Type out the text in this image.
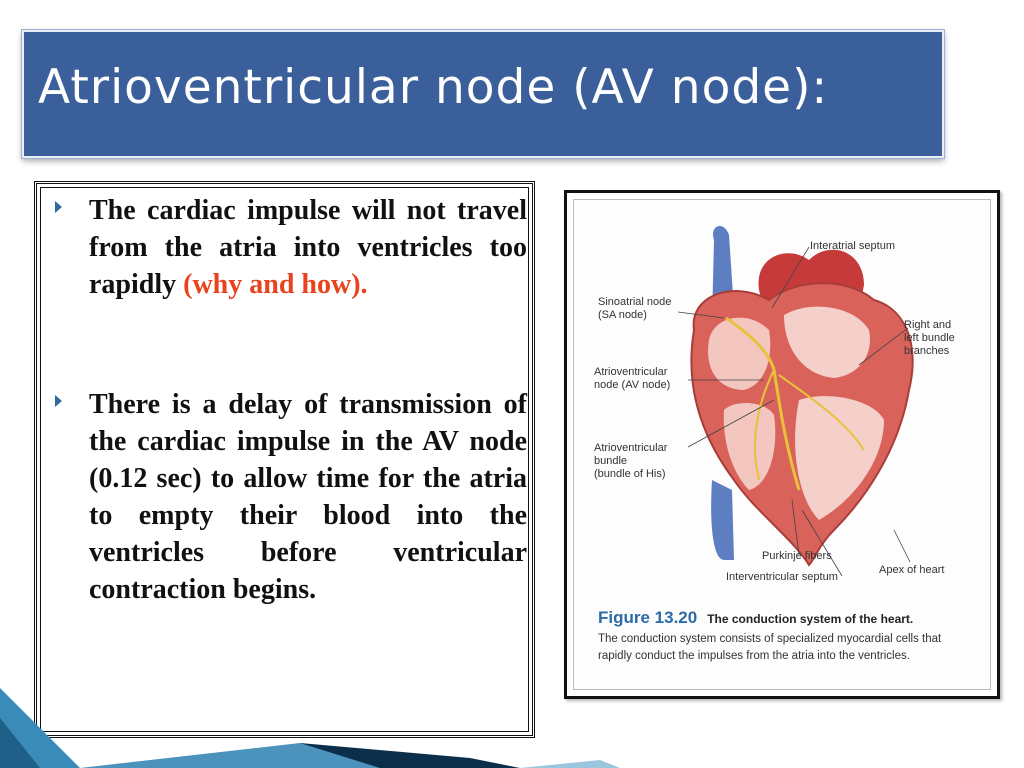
Atrioventricular node (AV node):
The cardiac impulse will not travel from the atria into ventricles too rapidly (why and how).
There is a delay of transmission of the cardiac impulse in the AV node (0.12 sec) to allow time for the atria to empty their blood into the ventricles before ventricular contraction begins.
Interatrial septum
Sinoatrial node
(SA node)
Right and
left bundle
branches
Atrioventricular
node (AV node)
Atrioventricular
bundle
(bundle of His)
Purkinje fibers
Interventricular septum
Apex of heart
Figure 13.20 The conduction system of the heart.
The conduction system consists of specialized myocardial cells that rapidly conduct the impulses from the atria into the ventricles.
